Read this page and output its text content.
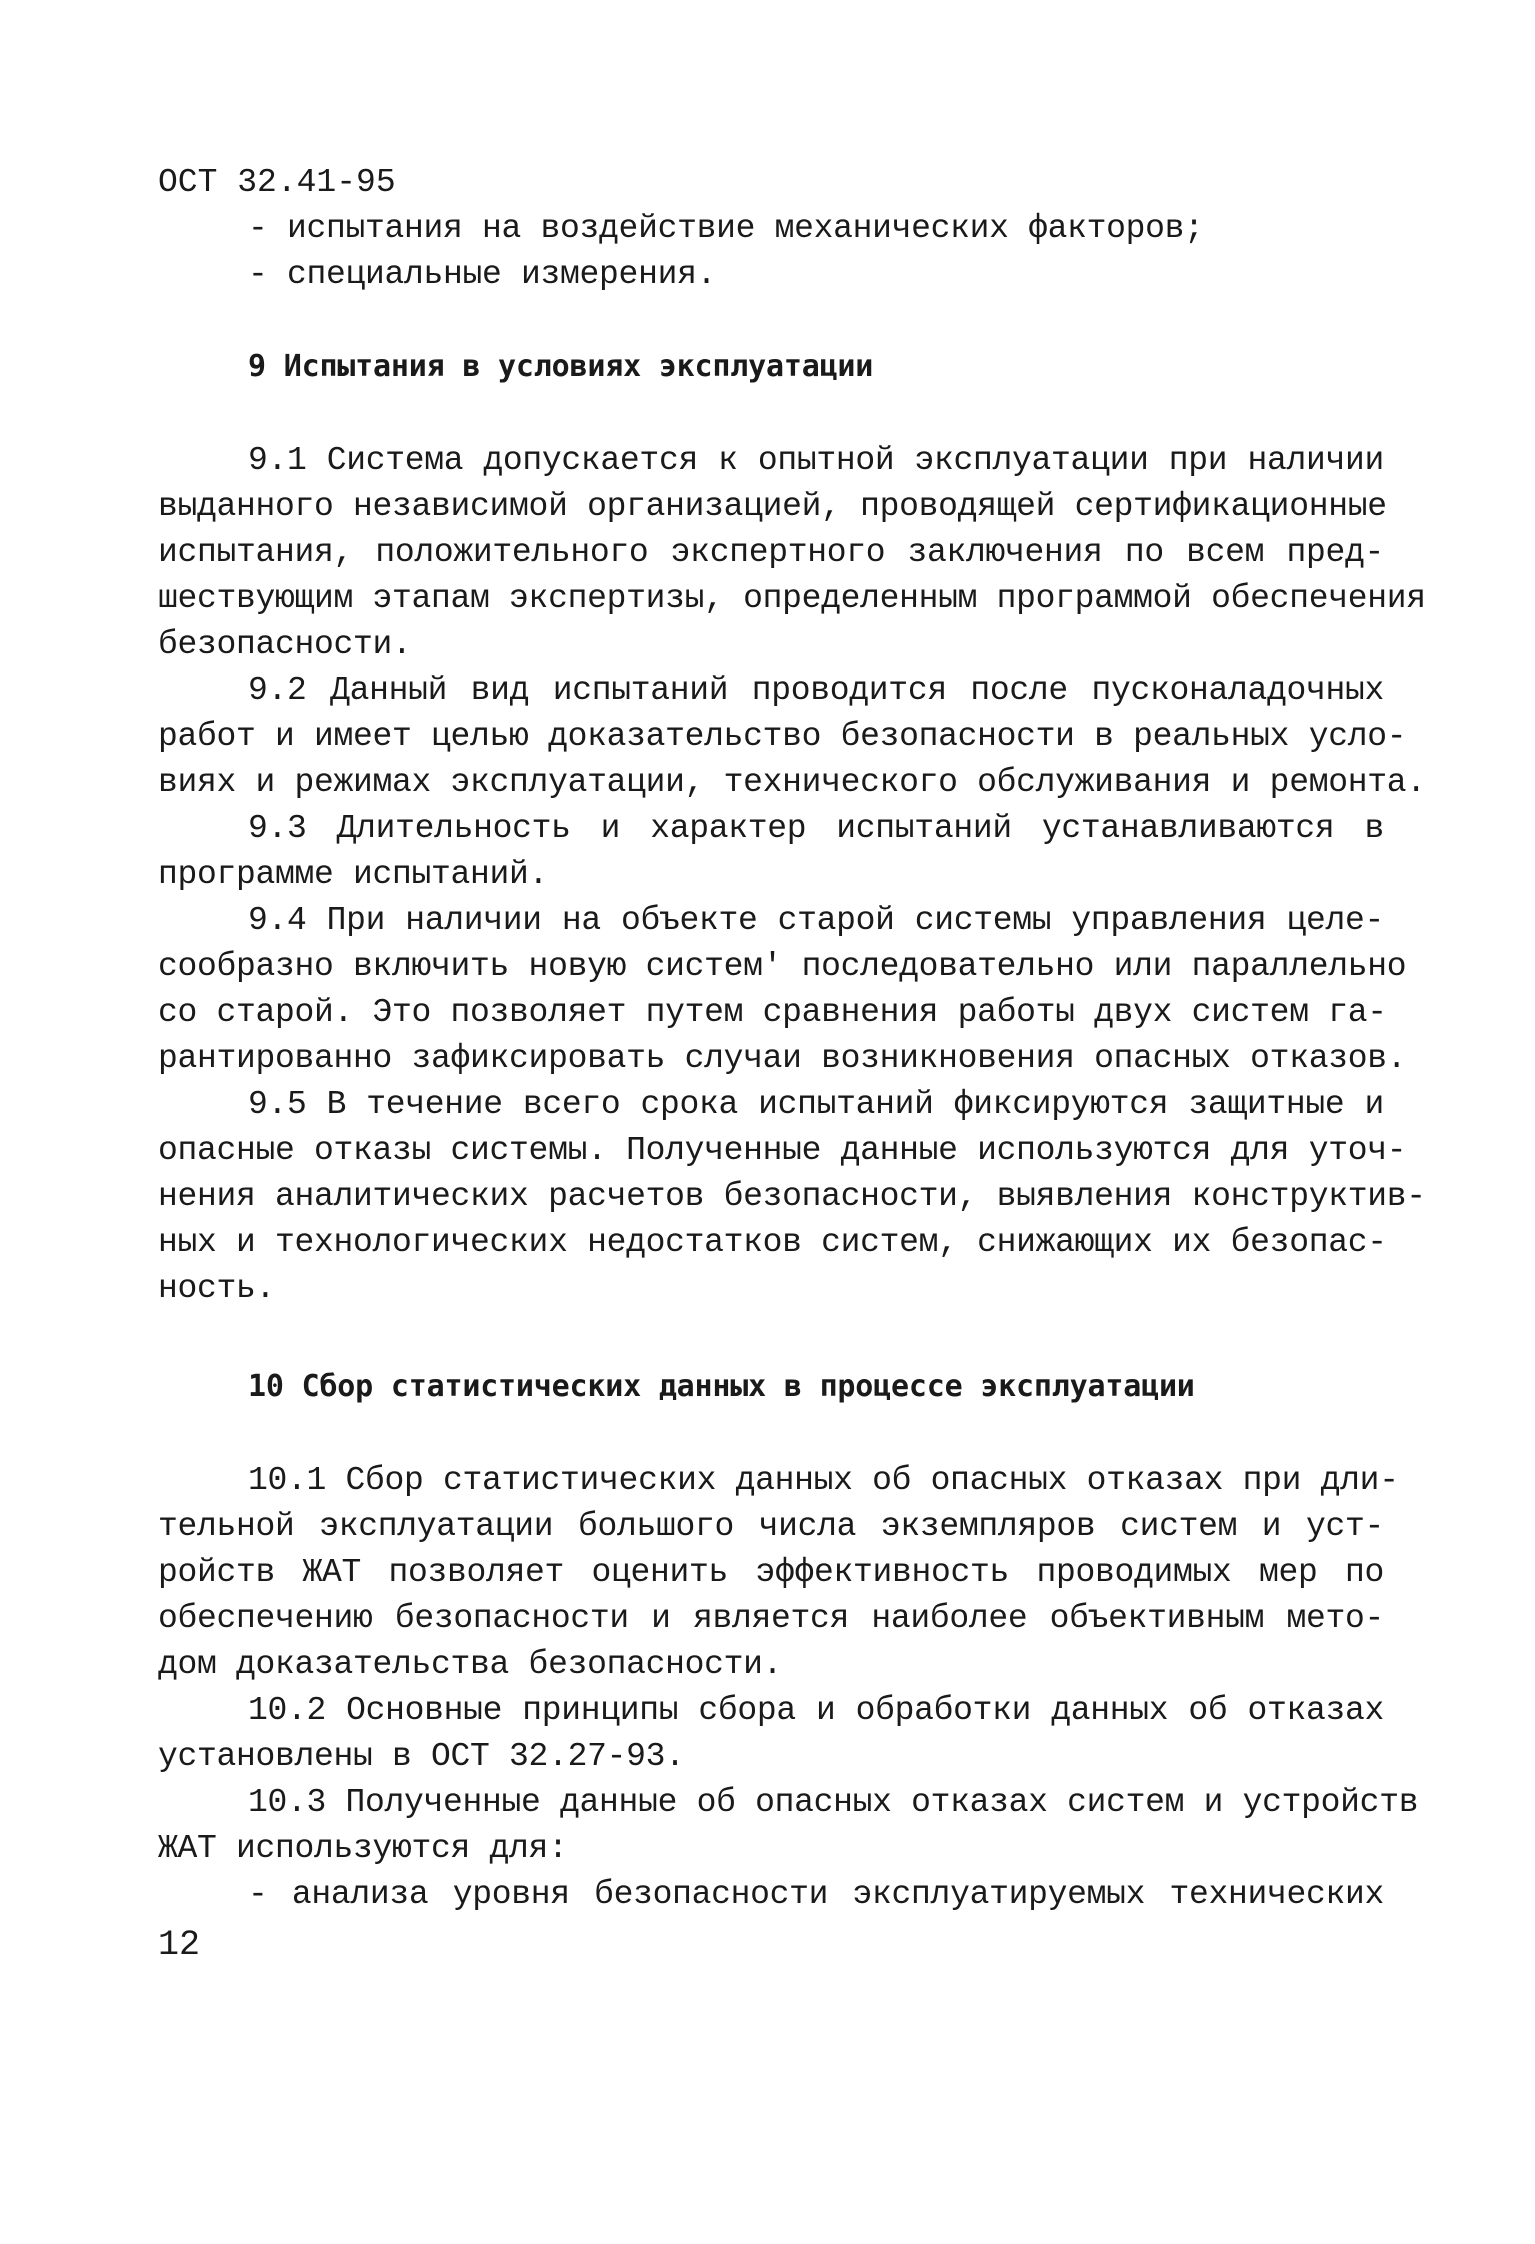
ОСТ 32.41-95
- испытания на воздействие механических факторов;
- специальные измерения.
9 Испытания в условиях эксплуатации
9.1 Система допускается к опытной эксплуатации при наличии
выданного независимой организацией, проводящей сертификационные
испытания, положительного экспертного заключения по всем пред-
шествующим этапам экспертизы, определенным программой обеспечения
безопасности.
9.2 Данный вид испытаний проводится после пусконаладочных
работ и имеет целью доказательство безопасности в реальных усло-
виях и режимах эксплуатации, технического обслуживания и ремонта.
9.3 Длительность и характер испытаний устанавливаются в
программе испытаний.
9.4 При наличии на объекте старой системы управления целе-
сообразно включить новую систем' последовательно или параллельно
со старой. Это позволяет путем сравнения работы двух систем га-
рантированно зафиксировать случаи возникновения опасных отказов.
9.5 В течение всего срока испытаний фиксируются защитные и
опасные отказы системы. Полученные данные используются для уточ-
нения аналитических расчетов безопасности, выявления конструктив-
ных и технологических недостатков систем, снижающих их безопас-
ность.
10 Сбор статистических данных в процессе эксплуатации
10.1 Сбор статистических данных об опасных отказах при дли-
тельной эксплуатации большого числа экземпляров систем и уст-
ройств ЖАТ позволяет оценить эффективность проводимых мер по
обеспечению безопасности и является наиболее объективным мето-
дом доказательства безопасности.
10.2 Основные принципы сбора и обработки данных об отказах
установлены в ОСТ 32.27-93.
10.3 Полученные данные об опасных отказах систем и устройств
ЖАТ используются для:
- анализа уровня безопасности эксплуатируемых технических
12
